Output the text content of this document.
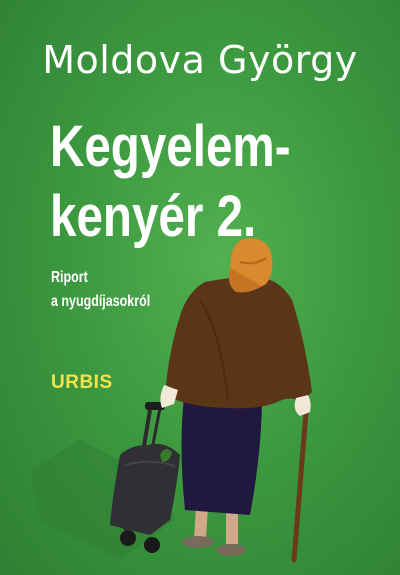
Moldova György
Kegyelem-
kenyér 2.
Riport
a nyugdíjasokról
URBIS
